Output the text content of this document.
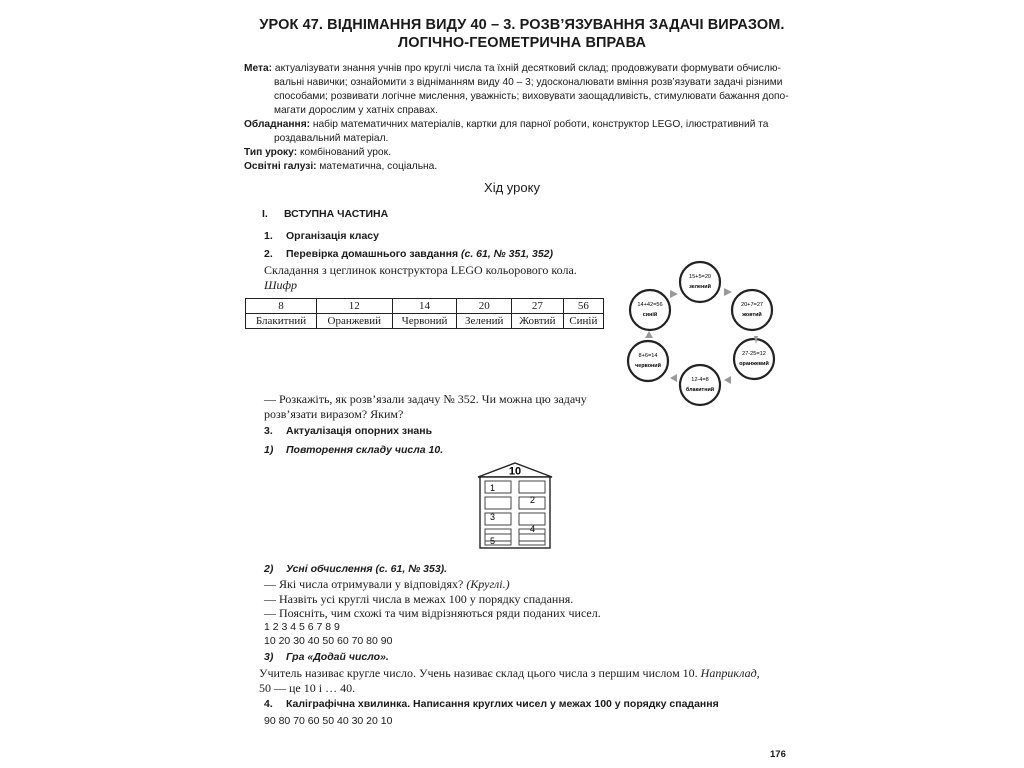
УРОК 47. ВІДНІМАННЯ ВИДУ 40 – 3. РОЗВ’ЯЗУВАННЯ ЗАДАЧІ ВИРАЗОМ.
ЛОГІЧНО-ГЕОМЕТРИЧНА ВПРАВА

Мета: актуалізувати знання учнів про круглі числа та їхній десятковий склад; продовжувати формувати обчислю-

вальні навички; ознайомити з відніманням виду 40 – 3; удосконалювати вміння розв’язувати задачі різними

способами; розвивати логічне мислення, уважність; виховувати заощадливість, стимулювати бажання допо-

магати дорослим у хатніх справах.

Обладнання: набір математичних матеріалів, картки для парної роботи, конструктор LEGO, ілюстративний та

роздавальний матеріал.

Тип уроку: комбінований урок.

Освітні галузі: математична, соціальна.

Хід уроку
I. ВСТУПНА ЧАСТИНА
1. Організація класу
2. Перевірка домашнього завдання (с. 61, № 351, 352)
Складання з цеглинок конструктора LEGO кольорового кола.
Шифр
8	12	14	20	27	56
Блакитний	Оранжевий	Червоний	Зелений	Жовтий	Синій
15+5=20
зелений
20+7=27
жовтий
27-25=12
оранжевий
12-4=8
блакитний
8+6=14
червоний
14+42=56
синій
— Розкажіть, як розв’язали задачу № 352. Чи можна цю задачу
розв’язати виразом? Яким?
3. Актуалізація опорних знань
1) Повторення складу числа 10.
10
1
2
3
4
5
2) Усні обчислення (с. 61, № 353).
— Які числа отримували у відповідях? (Круглі.)
— Назвіть усі круглі числа в межах 100 у порядку спадання.
— Поясніть, чим схожі та чим відрізняються ряди поданих чисел.
1 2 3 4 5 6 7 8 9
10 20 30 40 50 60 70 80 90
3) Гра «Додай число».
Учитель називає кругле число. Учень називає склад цього числа з першим числом 10. Наприклад,
50 — це 10 і … 40.
4. Каліграфічна хвилинка. Написання круглих чисел у межах 100 у порядку спадання
90 80 70 60 50 40 30 20 10
176
